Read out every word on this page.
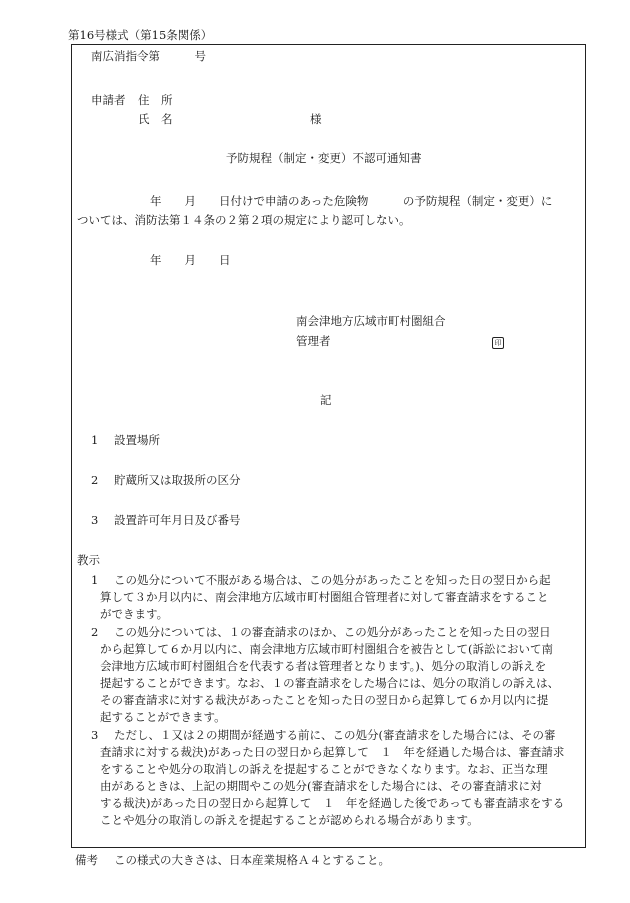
第16号様式（第15条関係）
南広消指令第　　　号
申請者 住　所
氏　名	様
予防規程（制定・変更）不認可通知書
年　　月　　日付けで申請のあった危険物　　　の予防規程（制定・変更）に
ついては、消防法第１４条の２第２項の規定により認可しない。
年　　月　　日
南会津地方広域市町村圏組合
管理者	印
記
1 設置場所
2 貯蔵所又は取扱所の区分
3 設置許可年月日及び番号
教示
1	この処分について不服がある場合は、この処分があったことを知った日の翌日から起
算して３か月以内に、南会津地方広域市町村圏組合管理者に対して審査請求をすること
ができます。
2	この処分については、１の審査請求のほか、この処分があったことを知った日の翌日
から起算して６か月以内に、南会津地方広域市町村圏組合を被告として(訴訟において南
会津地方広域市町村圏組合を代表する者は管理者となります。)、処分の取消しの訴えを
提起することができます。なお、１の審査請求をした場合には、処分の取消しの訴えは、
その審査請求に対する裁決があったことを知った日の翌日から起算して６か月以内に提
起することができます。
3	ただし、１又は２の期間が経過する前に、この処分(審査請求をした場合には、その審
査請求に対する裁決)があった日の翌日から起算して　１　年を経過した場合は、審査請求
をすることや処分の取消しの訴えを提起することができなくなります。なお、正当な理
由があるときは、上記の期間やこの処分(審査請求をした場合には、その審査請求に対
する裁決)があった日の翌日から起算して　１　年を経過した後であっても審査請求をする
ことや処分の取消しの訴えを提起することが認められる場合があります。
備考 この様式の大きさは、日本産業規格Ａ４とすること。
